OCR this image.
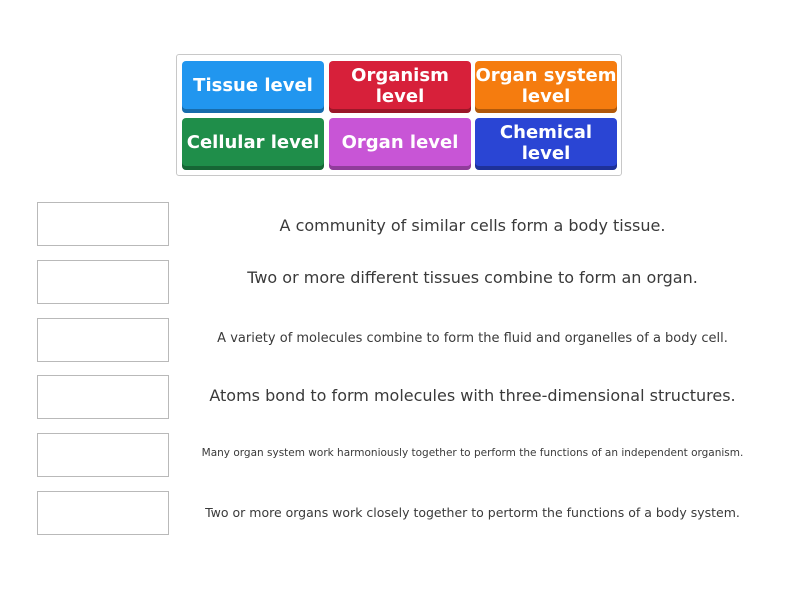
Tissue level	Organism level
Organ system level
Cellular level	Organ level	Chemical level
A community of similar cells form a body tissue.
Two or more different tissues combine to form an organ.
A variety of molecules combine to form the fluid and organelles of a body cell.
Atoms bond to form molecules with three-dimensional structures.
Many organ system work harmoniously together to perform the functions of an independent organism.
Two or more organs work closely together to pertorm the functions of a body system.
